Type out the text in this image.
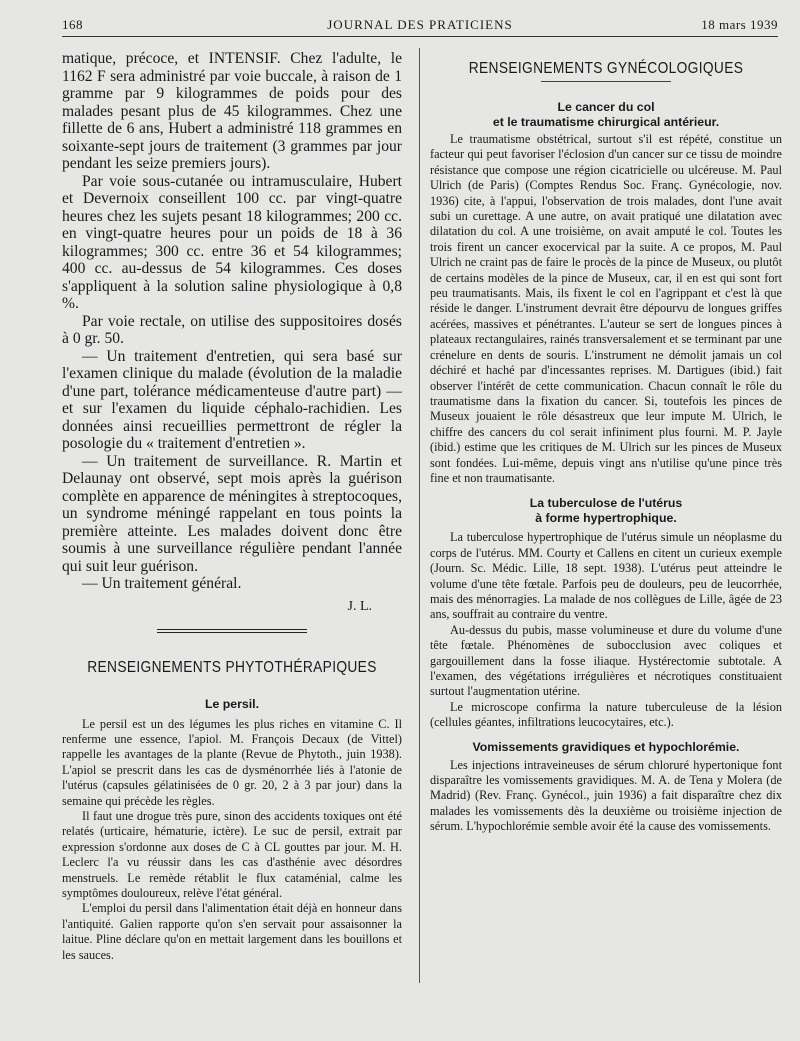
168	JOURNAL DES PRATICIENS	18 mars 1939

matique, précoce, et INTENSIF. Chez l'adulte, le 1162 F sera administré par voie buccale, à raison de 1 gramme par 9 kilogrammes de poids pour des malades pesant plus de 45 kilogrammes. Chez une fillette de 6 ans, Hubert a administré 118 grammes en soixante-sept jours de traitement (3 grammes par jour pendant les seize premiers jours).

Par voie sous-cutanée ou intramusculaire, Hubert et Devernoix conseillent 100 cc. par vingt-quatre heures chez les sujets pesant 18 kilogrammes; 200 cc. en vingt-quatre heures pour un poids de 18 à 36 kilogrammes; 300 cc. entre 36 et 54 kilogrammes; 400 cc. au-dessus de 54 kilogrammes. Ces doses s'appliquent à la solution saline physiologique à 0,8 %.

Par voie rectale, on utilise des suppositoires dosés à 0 gr. 50.

— Un traitement d'entretien, qui sera basé sur l'examen clinique du malade (évolution de la maladie d'une part, tolérance médicamenteuse d'autre part) — et sur l'examen du liquide céphalo-rachidien. Les données ainsi recueillies permettront de régler la posologie du « traitement d'entretien ».

— Un traitement de surveillance. R. Martin et Delaunay ont observé, sept mois après la guérison complète en apparence de méningites à streptocoques, un syndrome méningé rappelant en tous points la première atteinte. Les malades doivent donc être soumis à une surveillance régulière pendant l'année qui suit leur guérison.

— Un traitement général.

J. L.
RENSEIGNEMENTS PHYTOTHÉRAPIQUES
Le persil.

Le persil est un des légumes les plus riches en vitamine C. Il renferme une essence, l'apiol. M. François Decaux (de Vittel) rappelle les avantages de la plante (Revue de Phytoth., juin 1938). L'apiol se prescrit dans les cas de dysménorrhée liés à l'atonie de l'utérus (capsules gélatinisées de 0 gr. 20, 2 à 3 par jour) dans la semaine qui précède les règles.

Il faut une drogue très pure, sinon des accidents toxiques ont été relatés (urticaire, hématurie, ictère). Le suc de persil, extrait par expression s'ordonne aux doses de C à CL gouttes par jour. M. H. Leclerc l'a vu réussir dans les cas d'asthénie avec désordres menstruels. Le remède rétablit le flux cataménial, calme les symptômes douloureux, relève l'état général.

L'emploi du persil dans l'alimentation était déjà en honneur dans l'antiquité. Galien rapporte qu'on s'en servait pour assaisonner la laitue. Pline déclare qu'on en mettait largement dans les bouillons et les sauces.

RENSEIGNEMENTS GYNÉCOLOGIQUES
Le cancer du col
et le traumatisme chirurgical antérieur.

Le traumatisme obstétrical, surtout s'il est répété, constitue un facteur qui peut favoriser l'éclosion d'un cancer sur ce tissu de moindre résistance que compose une région cicatricielle ou ulcéreuse. M. Paul Ulrich (de Paris) (Comptes Rendus Soc. Franç. Gynécologie, nov. 1936) cite, à l'appui, l'observation de trois malades, dont l'une avait subi un curettage. A une autre, on avait pratiqué une dilatation avec dilatation du col. A une troisième, on avait amputé le col. Toutes les trois firent un cancer exocervical par la suite. A ce propos, M. Paul Ulrich ne craint pas de faire le procès de la pince de Museux, ou plutôt de certains modèles de la pince de Museux, car, il en est qui sont fort peu traumatisants. Mais, ils fixent le col en l'agrippant et c'est là que réside le danger. L'instrument devrait être dépourvu de longues griffes acérées, massives et pénétrantes. L'auteur se sert de longues pinces à plateaux rectangulaires, rainés transversalement et se terminant par une crénelure en dents de souris. L'instrument ne démolit jamais un col déchiré et haché par d'incessantes reprises. M. Dartigues (ibid.) fait observer l'intérêt de cette communication. Chacun connaît le rôle du traumatisme dans la fixation du cancer. Si, toutefois les pinces de Museux jouaient le rôle désastreux que leur impute M. Ulrich, le chiffre des cancers du col serait infiniment plus fourni. M. P. Jayle (ibid.) estime que les critiques de M. Ulrich sur les pinces de Museux sont fondées. Lui-même, depuis vingt ans n'utilise qu'une pince très fine et non traumatisante.

La tuberculose de l'utérus
à forme hypertrophique.

La tuberculose hypertrophique de l'utérus simule un néoplasme du corps de l'utérus. MM. Courty et Callens en citent un curieux exemple (Journ. Sc. Médic. Lille, 18 sept. 1938). L'utérus peut atteindre le volume d'une tête fœtale. Parfois peu de douleurs, peu de leucorrhée, mais des ménorragies. La malade de nos collègues de Lille, âgée de 23 ans, souffrait au contraire du ventre.

Au-dessus du pubis, masse volumineuse et dure du volume d'une tête fœtale. Phénomènes de subocclusion avec coliques et gargouillement dans la fosse iliaque. Hystérectomie subtotale. A l'examen, des végétations irrégulières et nécrotiques constituaient surtout l'augmentation utérine.

Le microscope confirma la nature tuberculeuse de la lésion (cellules géantes, infiltrations leucocytaires, etc.).

Vomissements gravidiques et hypochlorémie.

Les injections intraveineuses de sérum chloruré hypertonique font disparaître les vomissements gravidiques. M. A. de Tena y Molera (de Madrid) (Rev. Franç. Gynécol., juin 1936) a fait disparaître chez dix malades les vomissements dès la deuxième ou troisième injection de sérum. L'hypochlorémie semble avoir été la cause des vomissements.
